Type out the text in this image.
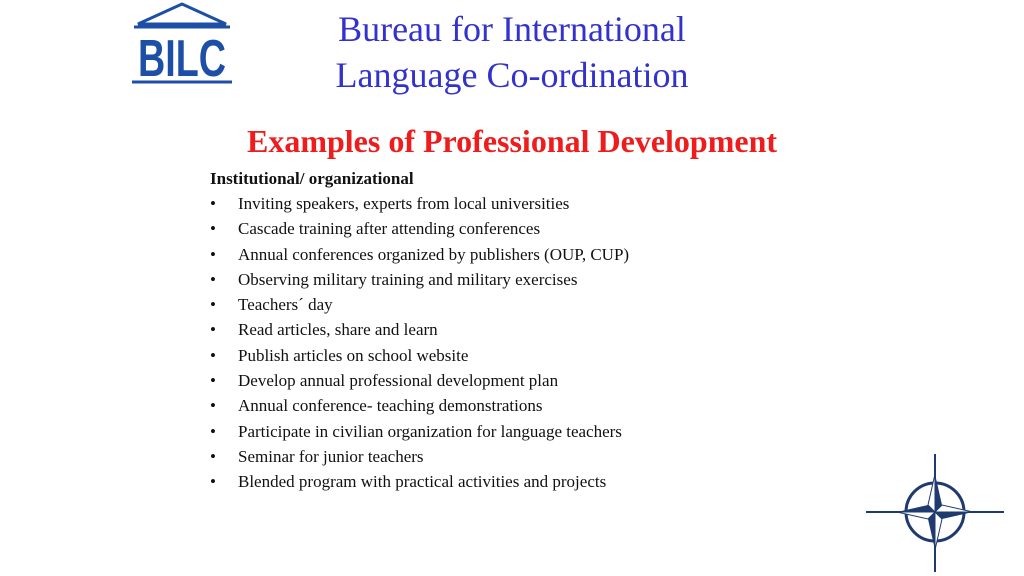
BILC
Bureau for International
Language Co-ordination
Examples of Professional Development
Institutional/ organizational
• Inviting speakers, experts from local universities
• Cascade training after attending conferences
• Annual conferences organized by publishers (OUP, CUP)
• Observing military training and military exercises
• Teachers´ day
• Read articles, share and learn
• Publish articles on school website
• Develop annual professional development plan
• Annual conference- teaching demonstrations
• Participate in civilian organization for language teachers
• Seminar for junior teachers
• Blended program with practical activities and projects
